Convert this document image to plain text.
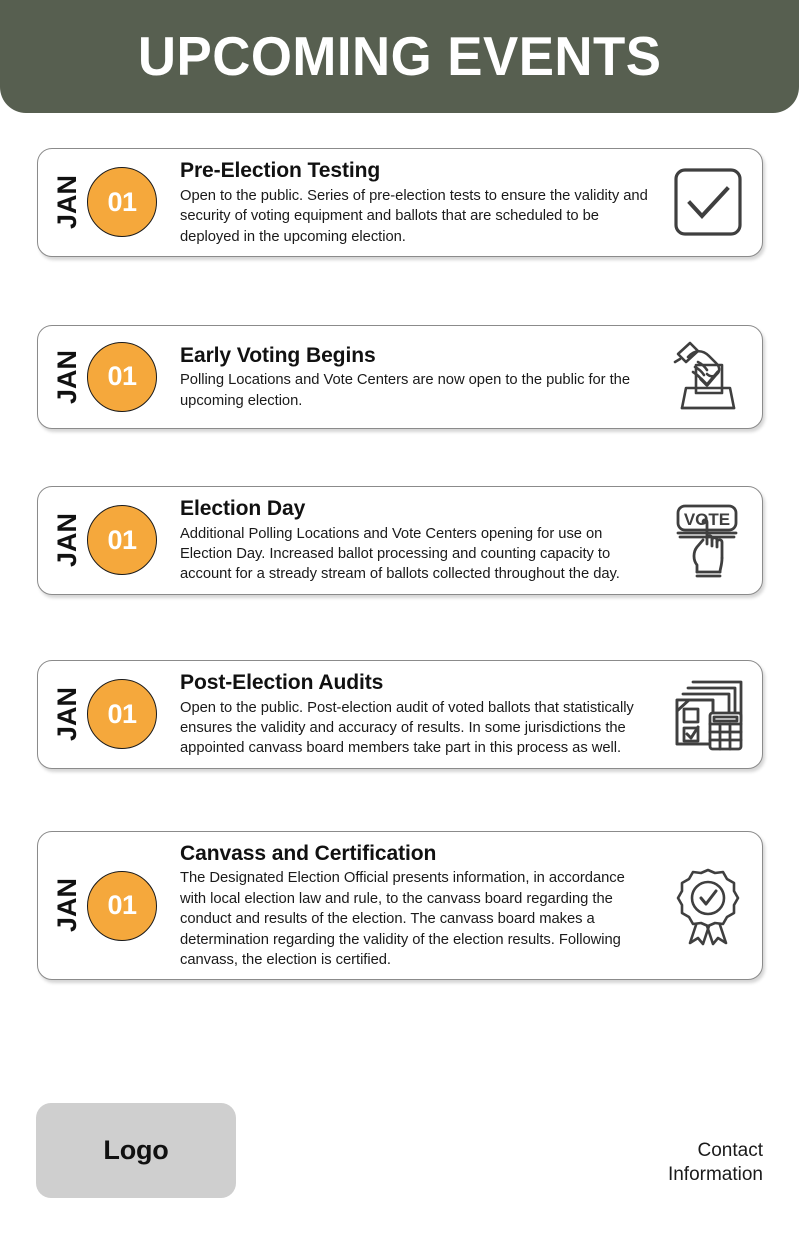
UPCOMING EVENTS
JAN 01
Pre-Election Testing
Open to the public. Series of pre-election tests to ensure the validity and security of voting equipment and ballots that are scheduled to be deployed in the upcoming election.
JAN 01
Early Voting Begins
Polling Locations and Vote Centers are now open to the public for the upcoming election.
JAN 01
Election Day
Additional Polling Locations and Vote Centers opening for use on Election Day. Increased ballot processing and counting capacity to account for a stready stream of ballots collected throughout the day.
VOTE
JAN 01
Post-Election Audits
Open to the public. Post-election audit of voted ballots that statistically ensures the validity and accuracy of results. In some jurisdictions the appointed canvass board members take part in this process as well.
JAN 01
Canvass and Certification
The Designated Election Official presents information, in accordance with local election law and rule, to the canvass board regarding the conduct and results of the election. The canvass board makes a determination regarding the validity of the election results. Following canvass, the election is certified.
Logo	Contact
Information
